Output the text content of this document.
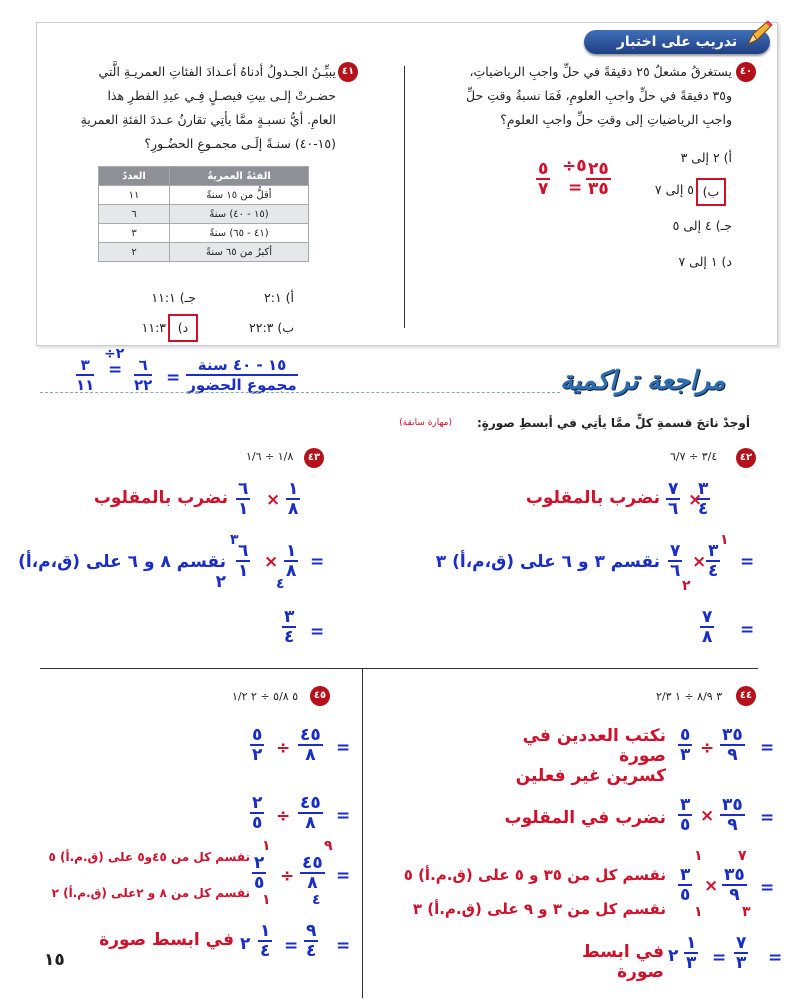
تدريب على اختبار
٤٠
يستغرقُ مشعلٌ ٢٥ دقيقةً في حلِّ واجبِ الرياضياتِ،
و٣٥ دقيقةً في حلِّ واجبِ العلومِ، فَمَا نسبةُ وقتِ حلِّ
واجبِ الرياضياتِ إلى وقتِ حلِّ واجبِ العلومِ؟
أ) ٢ إلى ٣
ب)
٥ إلى ٧
جـ) ٤ إلى ٥
د) ١ إلى ٧
$\frac{٥}{٧}$ ÷٥
= $\frac{٢٥}{٣٥}$
٤١
يبيِّـنُ الجـدولُ أدناهُ أعـدادَ الفئاتِ العمريـةِ الَّتي
حضـرتْ إلـى بيتِ فيصـلٍ فِـي عيدِ الفطرِ هذا
العامِ. أيُّ نسبـةٍ ممَّا يأتِي تقارنُ عـددَ الفئةِ العمريةِ
(١٥-٤٠) سنـةً إلَـى مجمـوعِ الحضُـورِ؟
الفئةُ العمريةُ	العددُ
أقلُّ من ١٥ سنةً	١١
(١٥ - ٤٠) سنةً	٦
(٤١ - ٦٥) سنةً	٣
أكبرُ من ٦٥ سنةً	٢
أ) ٢:١
جـ) ١١:١
ب) ٢٢:٣
د)
١١:٣
$\frac{\text{١٥ - ٤٠ سنة}}{\text{مجموع الحضور}}$
=
$\frac{٦}{٢٢}$
=
÷٢
$\frac{٣}{١١}$	مراجعة تراكمية
أوجدْ ناتجَ قسمةِ كلٍّ ممَّا يأتِي في أبسطِ صورةٍ:
(مهارة سابقة)
٤٢
٣/٤ ÷ ٦/٧
$\frac{٣}{٤}$
×
$\frac{٧}{٦}$
نضرب بالمقلوب
=
$\frac{٣}{٤}$
١
×
$\frac{٧}{٦}$
٢
نقسم ٣ و ٦ على (ق،م،أ) ٣
=
$\frac{٧}{٨}$
٤٣
١/٨ ÷ ١/٦
$\frac{١}{٨}$
×
$\frac{٦}{١}$
نضرب بالمقلوب
=
$\frac{١}{٨}$
٤
×
$\frac{٦}{١}$
٣
نقسم ٨ و ٦ على (ق،م،أ) ٢
=
$\frac{٣}{٤}$
٤٤
٣ ٨/٩ ÷ ١ ٢/٣
=
$\frac{٣٥}{٩}$
÷
$\frac{٥}{٣}$
نكتب العددين في صورة
كسرين غير فعلين
=
$\frac{٣٥}{٩}$
×
$\frac{٣}{٥}$
نضرب في المقلوب
=
$\frac{٣٥}{٩}$
٧
٣
×
$\frac{٣}{٥}$
١
١
نقسم كل من ٣٥ و ٥ على (ق.م.أ) ٥
نقسم كل من ٣ و ٩ على (ق.م.أ) ٣
=
$\frac{٧}{٣}$
=
$\frac{١}{٣}$
٢
في ابسط صورة
٤٥
٥ ٥/٨ ÷ ٢ ١/٢
=
$\frac{٤٥}{٨}$
÷
$\frac{٥}{٢}$
=
$\frac{٤٥}{٨}$
÷
$\frac{٢}{٥}$
=
$\frac{٤٥}{٨}$
٩
٤
÷
$\frac{٢}{٥}$
١
١
نقسم كل من ٤٥و٥ على (ق.م.أ) ٥
نقسم كل من ٨ و ٢على (ق.م.أ) ٢
=
$\frac{٩}{٤}$
=
$\frac{١}{٤}$
٢
في ابسط صورة
١٥
